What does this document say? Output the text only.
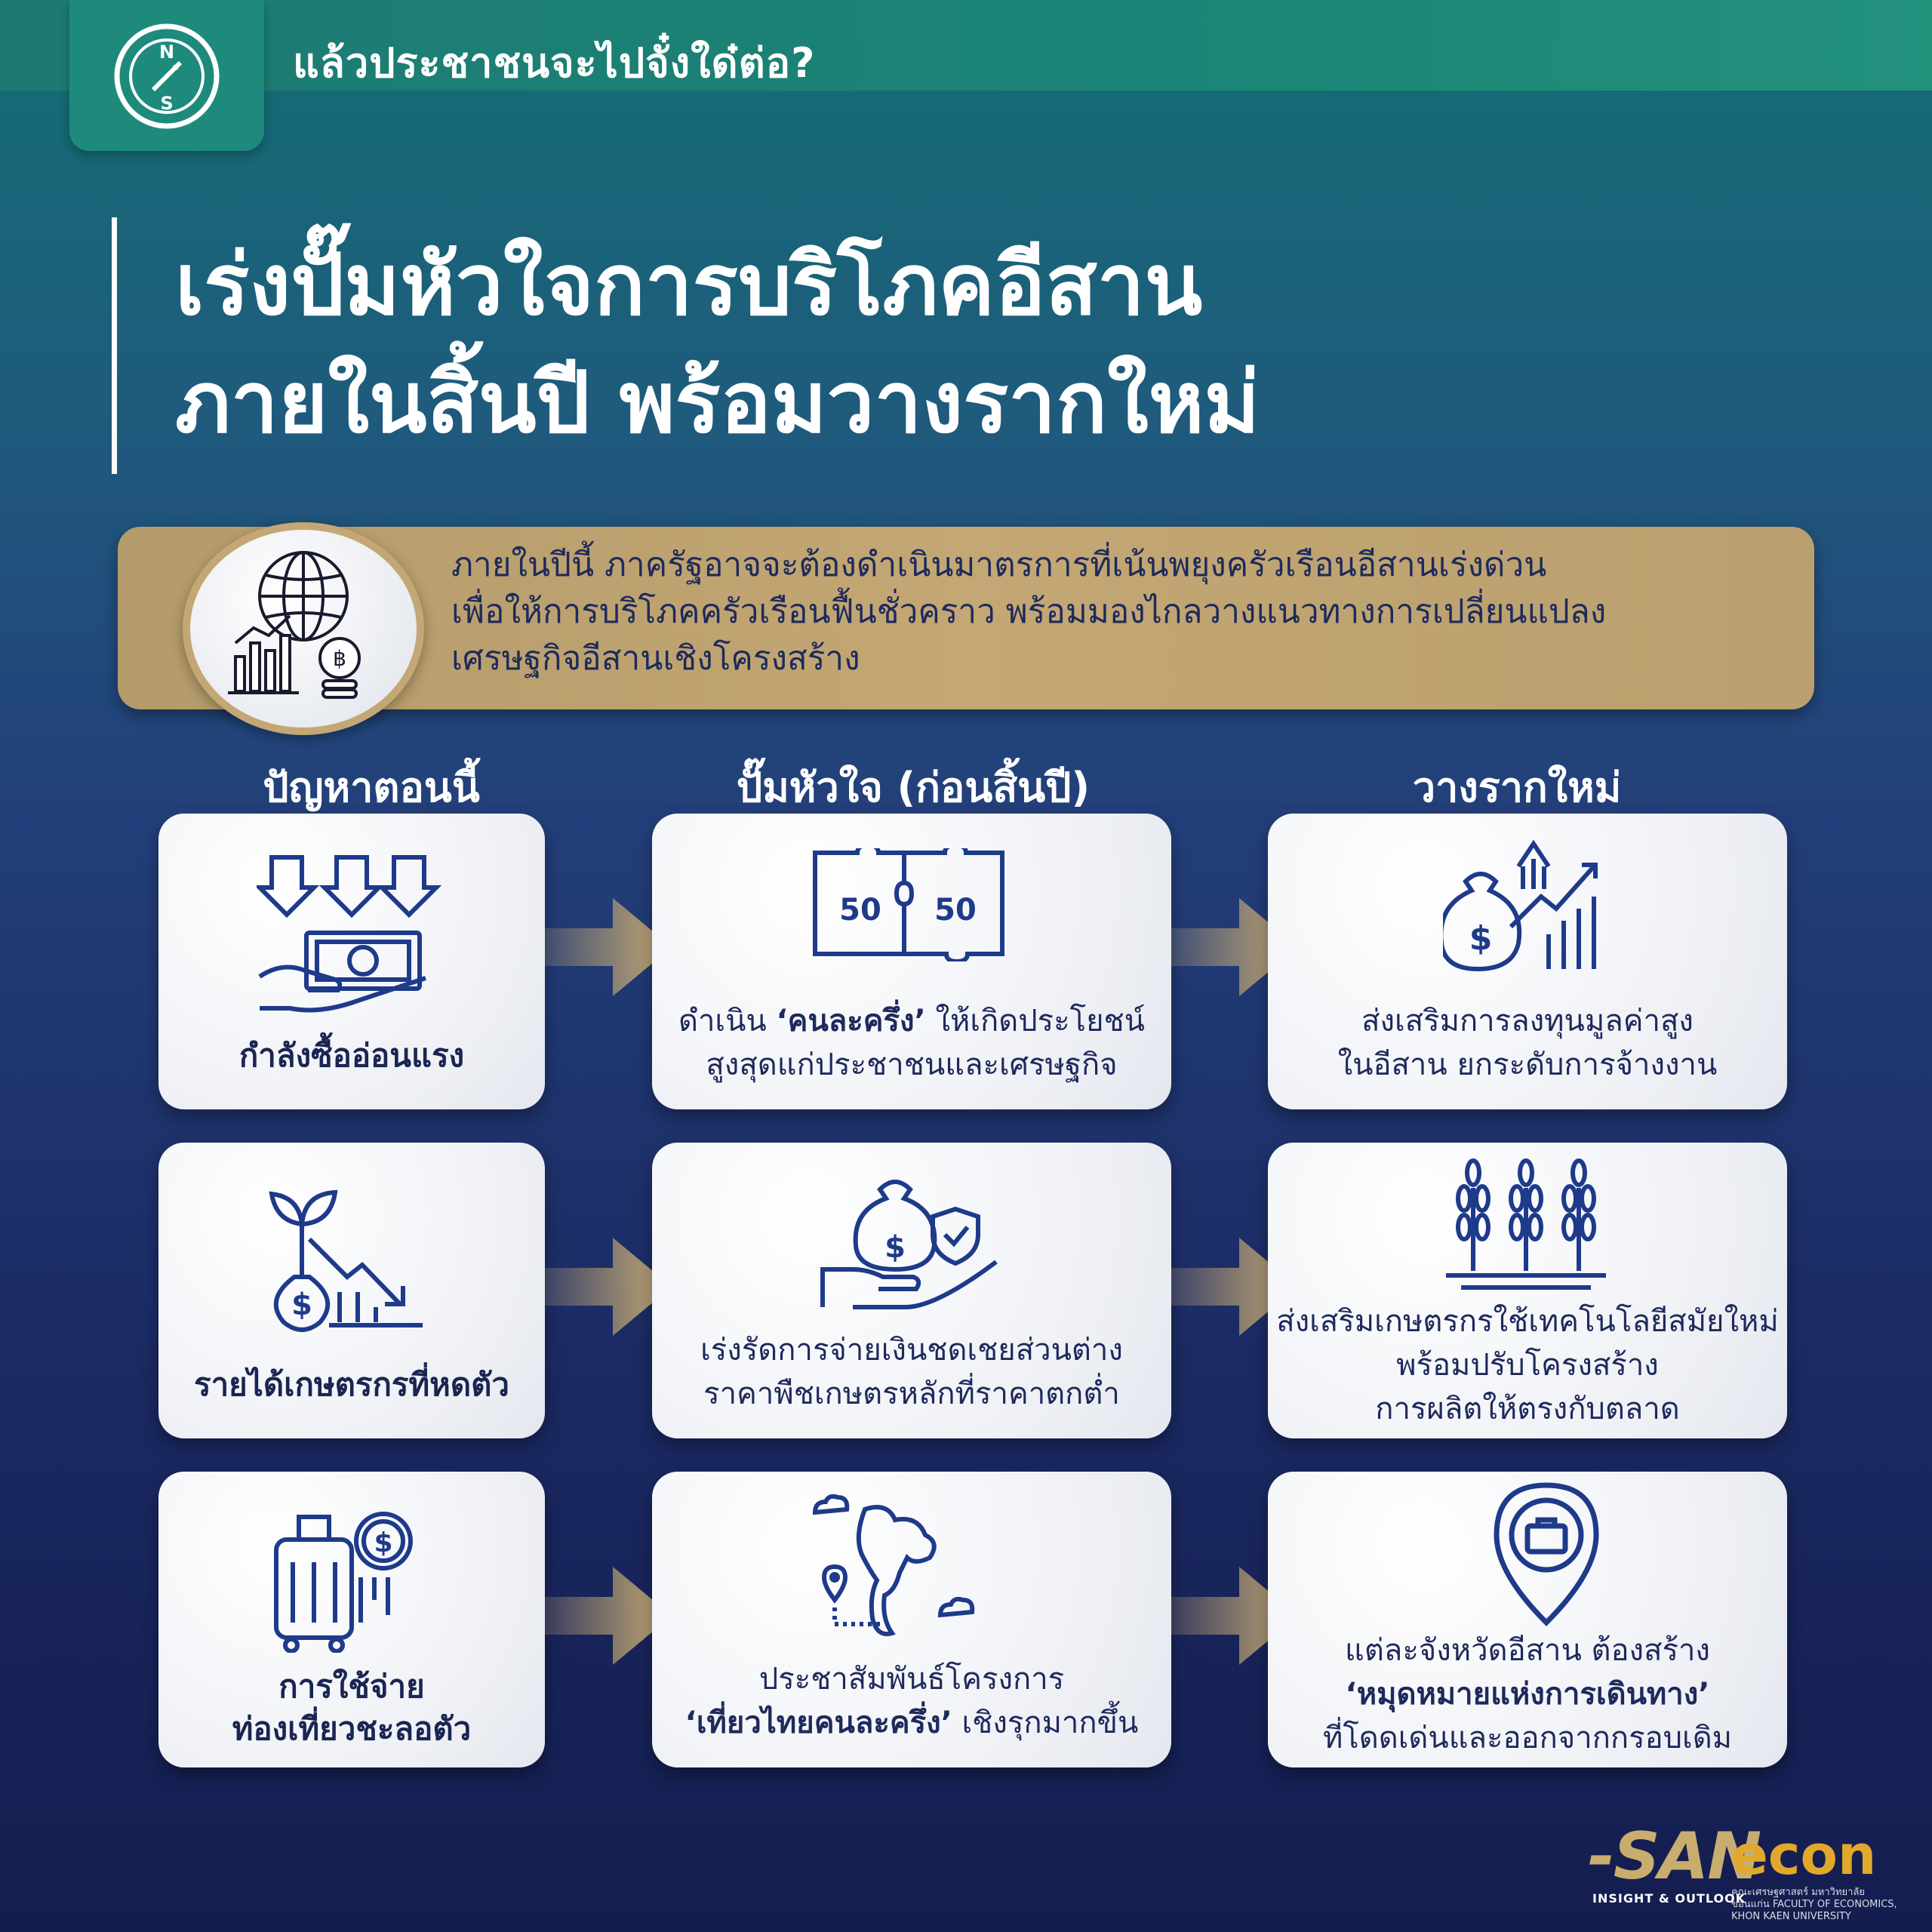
N
S
แล้วประชาชนจะไปจั๋งใด๋ต่อ?
เร่งปั๊มหัวใจการบริโภคอีสาน
ภายในสิ้นปี พร้อมวางรากใหม่
฿
ภายในปีนี้ ภาครัฐอาจจะต้องดำเนินมาตรการที่เน้นพยุงครัวเรือนอีสานเร่งด่วน
เพื่อให้การบริโภคครัวเรือนฟื้นชั่วคราว พร้อมมองไกลวางแนวทางการเปลี่ยนแปลง
เศรษฐกิจอีสานเชิงโครงสร้าง
ปัญหาตอนนี้	ปั๊มหัวใจ (ก่อนสิ้นปี)	วางรากใหม่
กำลังซื้ออ่อนแรง
50 50
ดำเนิน ‘คนละครึ่ง’ ให้เกิดประโยชน์
สูงสุดแก่ประชาชนและเศรษฐกิจ
$
ส่งเสริมการลงทุนมูลค่าสูง
ในอีสาน ยกระดับการจ้างงาน
$
รายได้เกษตรกรที่หดตัว
$
เร่งรัดการจ่ายเงินชดเชยส่วนต่าง
ราคาพืชเกษตรหลักที่ราคาตกต่ำ
ส่งเสริมเกษตรกรใช้เทคโนโลยีสมัยใหม่
พร้อมปรับโครงสร้าง
การผลิตให้ตรงกับตลาด
$
การใช้จ่าย
ท่องเที่ยวชะลอตัว
ประชาสัมพันธ์โครงการ
‘เที่ยวไทยคนละครึ่ง’ เชิงรุกมากขึ้น
แต่ละจังหวัดอีสาน ต้องสร้าง
‘หมุดหมายแห่งการเดินทาง’
ที่โดดเด่นและออกจากกรอบเดิม
-SAN
INSIGHT & OUTLOOK
econ
คณะเศรษฐศาสตร์ มหาวิทยาลัยขอนแก่น FACULTY OF ECONOMICS, KHON KAEN UNIVERSITY
